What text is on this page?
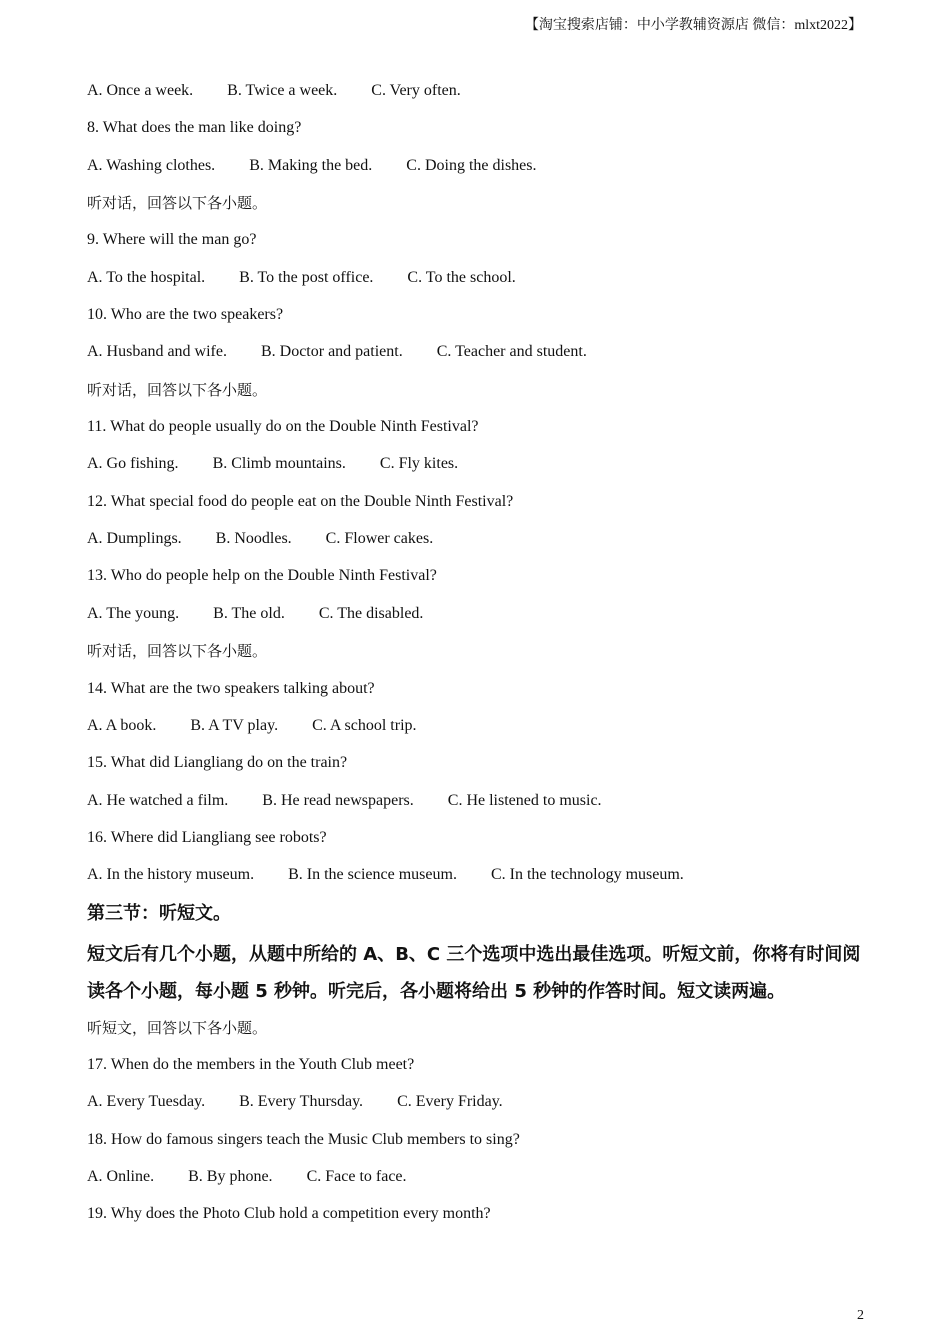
【淘宝搜索店铺：中小学教辅资源店 微信：mlxt2022】
A. Once a week. B. Twice a week. C. Very often.
8. What does the man like doing?
A. Washing clothes. B. Making the bed. C. Doing the dishes.
听对话，回答以下各小题。
9. Where will the man go?
A. To the hospital. B. To the post office. C. To the school.
10. Who are the two speakers?
A. Husband and wife. B. Doctor and patient. C. Teacher and student.
听对话，回答以下各小题。
11. What do people usually do on the Double Ninth Festival?
A. Go fishing. B. Climb mountains. C. Fly kites.
12. What special food do people eat on the Double Ninth Festival?
A. Dumplings. B. Noodles. C. Flower cakes.
13. Who do people help on the Double Ninth Festival?
A. The young. B. The old. C. The disabled.
听对话，回答以下各小题。
14. What are the two speakers talking about?
A. A book. B. A TV play. C. A school trip.
15. What did Liangliang do on the train?
A. He watched a film. B. He read newspapers. C. He listened to music.
16. Where did Liangliang see robots?
A. In the history museum. B. In the science museum. C. In the technology museum.
第三节：听短文。
短文后有几个小题，从题中所给的 A、B、C 三个选项中选出最佳选项。听短文前，你将有时间阅读各个小题，每小题 5 秒钟。听完后，各小题将给出 5 秒钟的作答时间。短文读两遍。
听短文，回答以下各小题。
17. When do the members in the Youth Club meet?
A. Every Tuesday. B. Every Thursday. C. Every Friday.
18. How do famous singers teach the Music Club members to sing?
A. Online. B. By phone. C. Face to face.
19. Why does the Photo Club hold a competition every month?
2
